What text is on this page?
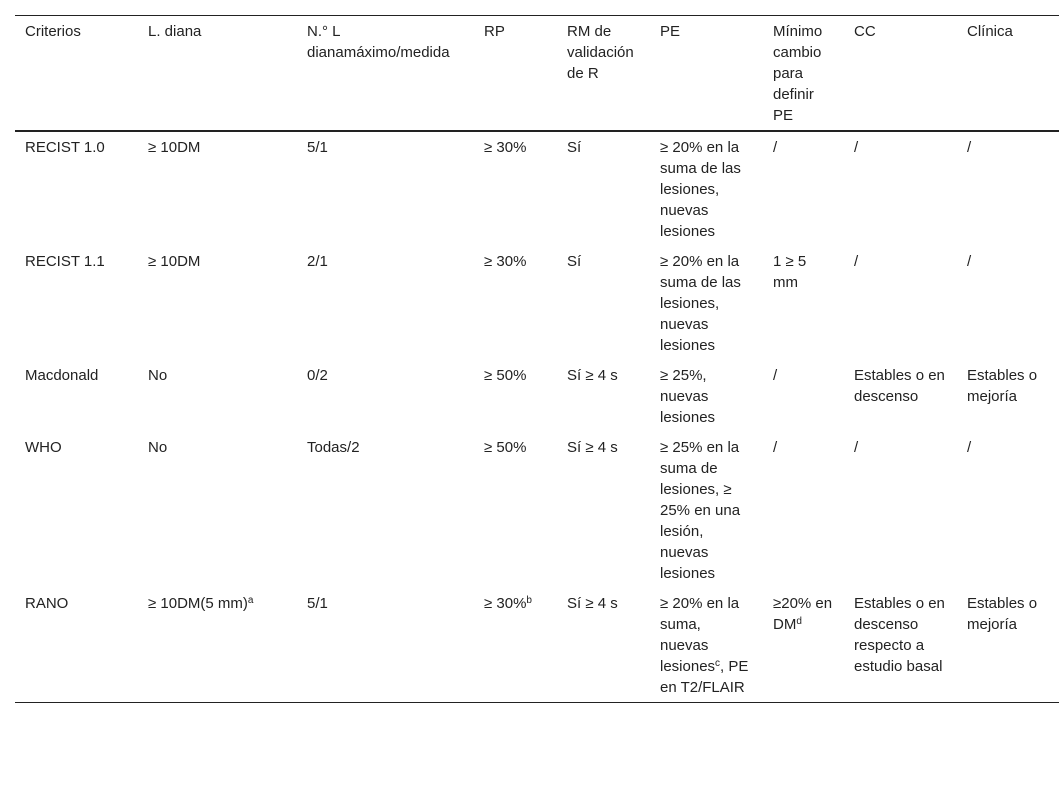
Criterios	L. diana	N.° L dianamáximo/medida	RP	RM de validación de R	PE	Mínimo cambio para definir PE	CC	Clínica
RECIST 1.0	≥ 10DM	5/1	≥ 30%	Sí	≥ 20% en la suma de las lesiones, nuevas lesiones	/	/	/
RECIST 1.1	≥ 10DM	2/1	≥ 30%	Sí	≥ 20% en la suma de las lesiones, nuevas lesiones	1 ≥ 5 mm	/	/
Macdonald	No	0/2	≥ 50%	Sí ≥ 4 s	≥ 25%, nuevas lesiones	/	Estables o en descenso	Estables o mejoría
WHO	No	Todas/2	≥ 50%	Sí ≥ 4 s	≥ 25% en la suma de lesiones, ≥ 25% en una lesión, nuevas lesiones	/	/	/
RANO	≥ 10DM(5 mm)$^a$	5/1	≥ 30%$^b$	Sí ≥ 4 s	≥ 20% en la suma, nuevas lesiones$^c$, PE en T2/FLAIR	≥20% en $DM^d$	Estables o en descenso respecto a estudio basal	Estables o mejoría
